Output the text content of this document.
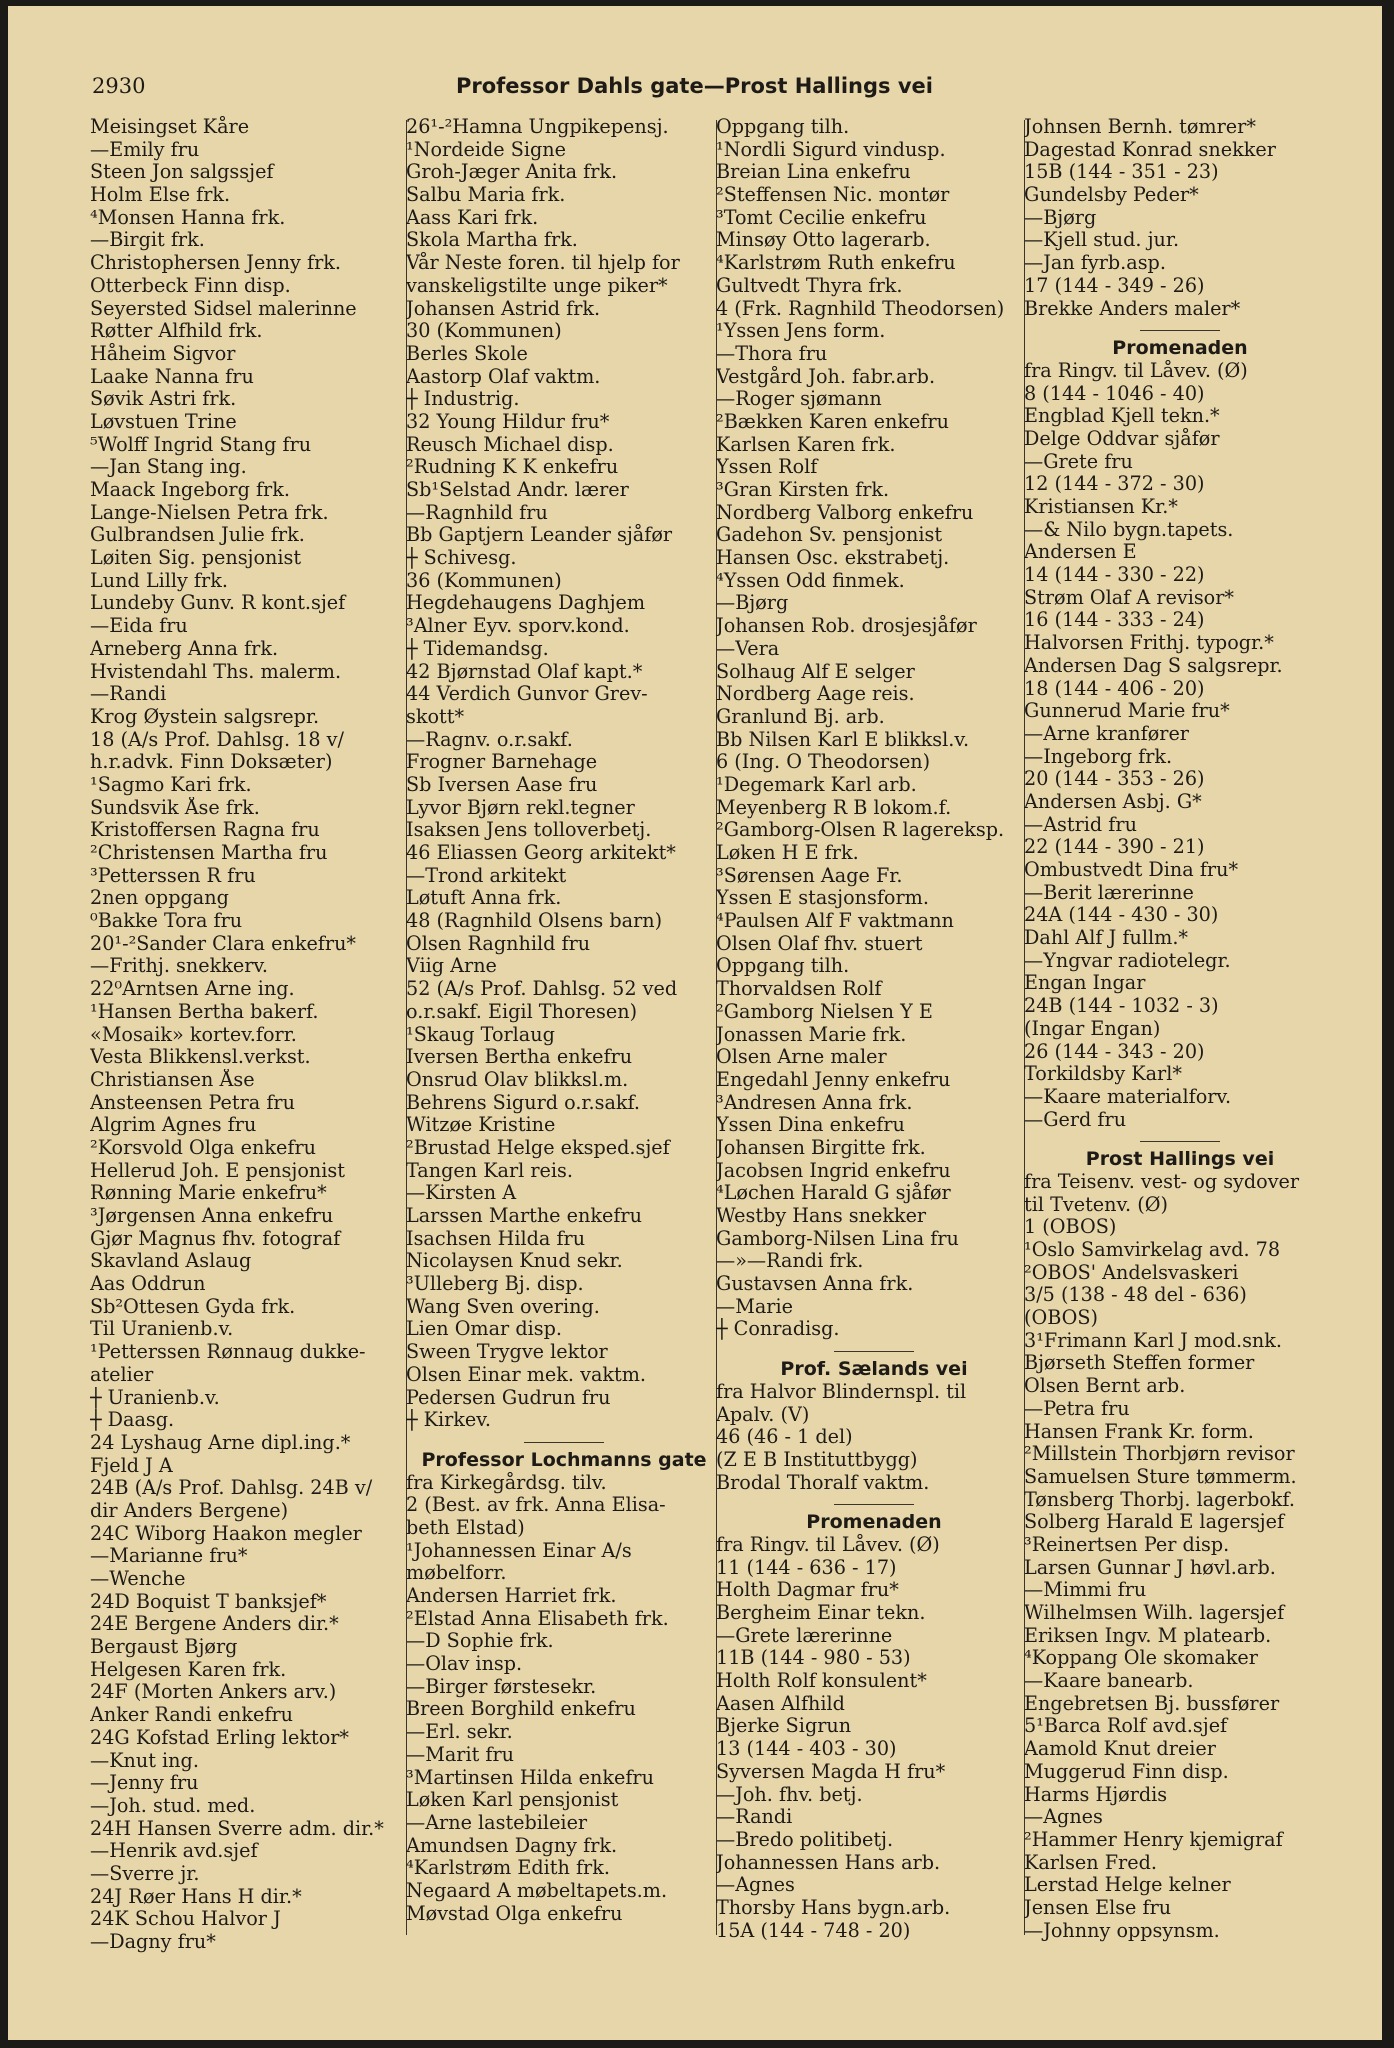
2930	Professor Dahls gate—Prost Hallings vei
Meisingset Kåre
—Emily fru
Steen Jon salgssjef
Holm Else frk.
⁴Monsen Hanna frk.
—Birgit frk.
Christophersen Jenny frk.
Otterbeck Finn disp.
Seyersted Sidsel malerinne
Røtter Alfhild frk.
Håheim Sigvor
Laake Nanna fru
Søvik Astri frk.
Løvstuen Trine
⁵Wolff Ingrid Stang fru
—Jan Stang ing.
Maack Ingeborg frk.
Lange-Nielsen Petra frk.
Gulbrandsen Julie frk.
Løiten Sig. pensjonist
Lund Lilly frk.
Lundeby Gunv. R kont.sjef
—Eida fru
Arneberg Anna frk.
Hvistendahl Ths. malerm.
—Randi
Krog Øystein salgsrepr.
18 (A/s Prof. Dahlsg. 18 v/
h.r.advk. Finn Doksæter)
¹Sagmo Kari frk.
Sundsvik Åse frk.
Kristoffersen Ragna fru
²Christensen Martha fru
³Petterssen R fru
2nen oppgang
⁰Bakke Tora fru
20¹-²Sander Clara enkefru*
—Frithj. snekkerv.
22⁰Arntsen Arne ing.
¹Hansen Bertha bakerf.
«Mosaik» kortev.forr.
Vesta Blikkensl.verkst.
Christiansen Åse
Ansteensen Petra fru
Algrim Agnes fru
²Korsvold Olga enkefru
Hellerud Joh. E pensjonist
Rønning Marie enkefru*
³Jørgensen Anna enkefru
Gjør Magnus fhv. fotograf
Skavland Aslaug
Aas Oddrun
Sb²Ottesen Gyda frk.
Til Uranienb.v.
¹Petterssen Rønnaug dukke-
atelier
┼ Uranienb.v.
┼ Daasg.
24 Lyshaug Arne dipl.ing.*
Fjeld J A
24B (A/s Prof. Dahlsg. 24B v/
dir Anders Bergene)
24C Wiborg Haakon megler
—Marianne fru*
—Wenche
24D Boquist T banksjef*
24E Bergene Anders dir.*
Bergaust Bjørg
Helgesen Karen frk.
24F (Morten Ankers arv.)
Anker Randi enkefru
24G Kofstad Erling lektor*
—Knut ing.
—Jenny fru
—Joh. stud. med.
24H Hansen Sverre adm. dir.*
—Henrik avd.sjef
—Sverre jr.
24J Røer Hans H dir.*
24K Schou Halvor J
—Dagny fru*
26¹-²Hamna Ungpikepensj.
¹Nordeide Signe
Groh-Jæger Anita frk.
Salbu Maria frk.
Aass Kari frk.
Skola Martha frk.
Vår Neste foren. til hjelp for
vanskeligstilte unge piker*
Johansen Astrid frk.
30 (Kommunen)
Berles Skole
Aastorp Olaf vaktm.
┼ Industrig.
32 Young Hildur fru*
Reusch Michael disp.
²Rudning K K enkefru
Sb¹Selstad Andr. lærer
—Ragnhild fru
Bb Gaptjern Leander sjåfør
┼ Schivesg.
36 (Kommunen)
Hegdehaugens Daghjem
³Alner Eyv. sporv.kond.
┼ Tidemandsg.
42 Bjørnstad Olaf kapt.*
44 Verdich Gunvor Grev-
skott*
—Ragnv. o.r.sakf.
Frogner Barnehage
Sb Iversen Aase fru
Lyvor Bjørn rekl.tegner
Isaksen Jens tolloverbetj.
46 Eliassen Georg arkitekt*
—Trond arkitekt
Løtuft Anna frk.
48 (Ragnhild Olsens barn)
Olsen Ragnhild fru
Viig Arne
52 (A/s Prof. Dahlsg. 52 ved
o.r.sakf. Eigil Thoresen)
¹Skaug Torlaug
Iversen Bertha enkefru
Onsrud Olav blikksl.m.
Behrens Sigurd o.r.sakf.
Witzøe Kristine
²Brustad Helge eksped.sjef
Tangen Karl reis.
—Kirsten A
Larssen Marthe enkefru
Isachsen Hilda fru
Nicolaysen Knud sekr.
³Ulleberg Bj. disp.
Wang Sven overing.
Lien Omar disp.
Sween Trygve lektor
Olsen Einar mek. vaktm.
Pedersen Gudrun fru
┼ Kirkev.
Professor Lochmanns gate
fra Kirkegårdsg. tilv.
2 (Best. av frk. Anna Elisa-
beth Elstad)
¹Johannessen Einar A/s
møbelforr.
Andersen Harriet frk.
²Elstad Anna Elisabeth frk.
—D Sophie frk.
—Olav insp.
—Birger førstesekr.
Breen Borghild enkefru
—Erl. sekr.
—Marit fru
³Martinsen Hilda enkefru
Løken Karl pensjonist
—Arne lastebileier
Amundsen Dagny frk.
⁴Karlstrøm Edith frk.
Negaard A møbeltapets.m.
Møvstad Olga enkefru
Oppgang tilh.
¹Nordli Sigurd vindusp.
Breian Lina enkefru
²Steffensen Nic. montør
³Tomt Cecilie enkefru
Minsøy Otto lagerarb.
⁴Karlstrøm Ruth enkefru
Gultvedt Thyra frk.
4 (Frk. Ragnhild Theodorsen)
¹Yssen Jens form.
—Thora fru
Vestgård Joh. fabr.arb.
—Roger sjømann
²Bækken Karen enkefru
Karlsen Karen frk.
Yssen Rolf
³Gran Kirsten frk.
Nordberg Valborg enkefru
Gadehon Sv. pensjonist
Hansen Osc. ekstrabetj.
⁴Yssen Odd finmek.
—Bjørg
Johansen Rob. drosjesjåfør
—Vera
Solhaug Alf E selger
Nordberg Aage reis.
Granlund Bj. arb.
Bb Nilsen Karl E blikksl.v.
6 (Ing. O Theodorsen)
¹Degemark Karl arb.
Meyenberg R B lokom.f.
²Gamborg-Olsen R lagereksp.
Løken H E frk.
³Sørensen Aage Fr.
Yssen E stasjonsform.
⁴Paulsen Alf F vaktmann
Olsen Olaf fhv. stuert
Oppgang tilh.
Thorvaldsen Rolf
²Gamborg Nielsen Y E
Jonassen Marie frk.
Olsen Arne maler
Engedahl Jenny enkefru
³Andresen Anna frk.
Yssen Dina enkefru
Johansen Birgitte frk.
Jacobsen Ingrid enkefru
⁴Løchen Harald G sjåfør
Westby Hans snekker
Gamborg-Nilsen Lina fru
—»—Randi frk.
Gustavsen Anna frk.
—Marie
┼ Conradisg.
Prof. Sælands vei
fra Halvor Blindernspl. til
Apalv. (V)
46 (46 - 1 del)
(Z E B Instituttbygg)
Brodal Thoralf vaktm.
Promenaden
fra Ringv. til Låvev. (Ø)
11 (144 - 636 - 17)
Holth Dagmar fru*
Bergheim Einar tekn.
—Grete lærerinne
11B (144 - 980 - 53)
Holth Rolf konsulent*
Aasen Alfhild
Bjerke Sigrun
13 (144 - 403 - 30)
Syversen Magda H fru*
—Joh. fhv. betj.
—Randi
—Bredo politibetj.
Johannessen Hans arb.
—Agnes
Thorsby Hans bygn.arb.
15A (144 - 748 - 20)
Johnsen Bernh. tømrer*
Dagestad Konrad snekker
15B (144 - 351 - 23)
Gundelsby Peder*
—Bjørg
—Kjell stud. jur.
—Jan fyrb.asp.
17 (144 - 349 - 26)
Brekke Anders maler*
Promenaden
fra Ringv. til Låvev. (Ø)
8 (144 - 1046 - 40)
Engblad Kjell tekn.*
Delge Oddvar sjåfør
—Grete fru
12 (144 - 372 - 30)
Kristiansen Kr.*
—& Nilo bygn.tapets.
Andersen E
14 (144 - 330 - 22)
Strøm Olaf A revisor*
16 (144 - 333 - 24)
Halvorsen Frithj. typogr.*
Andersen Dag S salgsrepr.
18 (144 - 406 - 20)
Gunnerud Marie fru*
—Arne kranfører
—Ingeborg frk.
20 (144 - 353 - 26)
Andersen Asbj. G*
—Astrid fru
22 (144 - 390 - 21)
Ombustvedt Dina fru*
—Berit lærerinne
24A (144 - 430 - 30)
Dahl Alf J fullm.*
—Yngvar radiotelegr.
Engan Ingar
24B (144 - 1032 - 3)
(Ingar Engan)
26 (144 - 343 - 20)
Torkildsby Karl*
—Kaare materialforv.
—Gerd fru
Prost Hallings vei
fra Teisenv. vest- og sydover
til Tvetenv. (Ø)
1 (OBOS)
¹Oslo Samvirkelag avd. 78
²OBOS' Andelsvaskeri
3/5 (138 - 48 del - 636)
(OBOS)
3¹Frimann Karl J mod.snk.
Bjørseth Steffen former
Olsen Bernt arb.
—Petra fru
Hansen Frank Kr. form.
²Millstein Thorbjørn revisor
Samuelsen Sture tømmerm.
Tønsberg Thorbj. lagerbokf.
Solberg Harald E lagersjef
³Reinertsen Per disp.
Larsen Gunnar J høvl.arb.
—Mimmi fru
Wilhelmsen Wilh. lagersjef
Eriksen Ingv. M platearb.
⁴Koppang Ole skomaker
—Kaare banearb.
Engebretsen Bj. bussfører
5¹Barca Rolf avd.sjef
Aamold Knut dreier
Muggerud Finn disp.
Harms Hjørdis
—Agnes
²Hammer Henry kjemigraf
Karlsen Fred.
Lerstad Helge kelner
Jensen Else fru
—Johnny oppsynsm.
